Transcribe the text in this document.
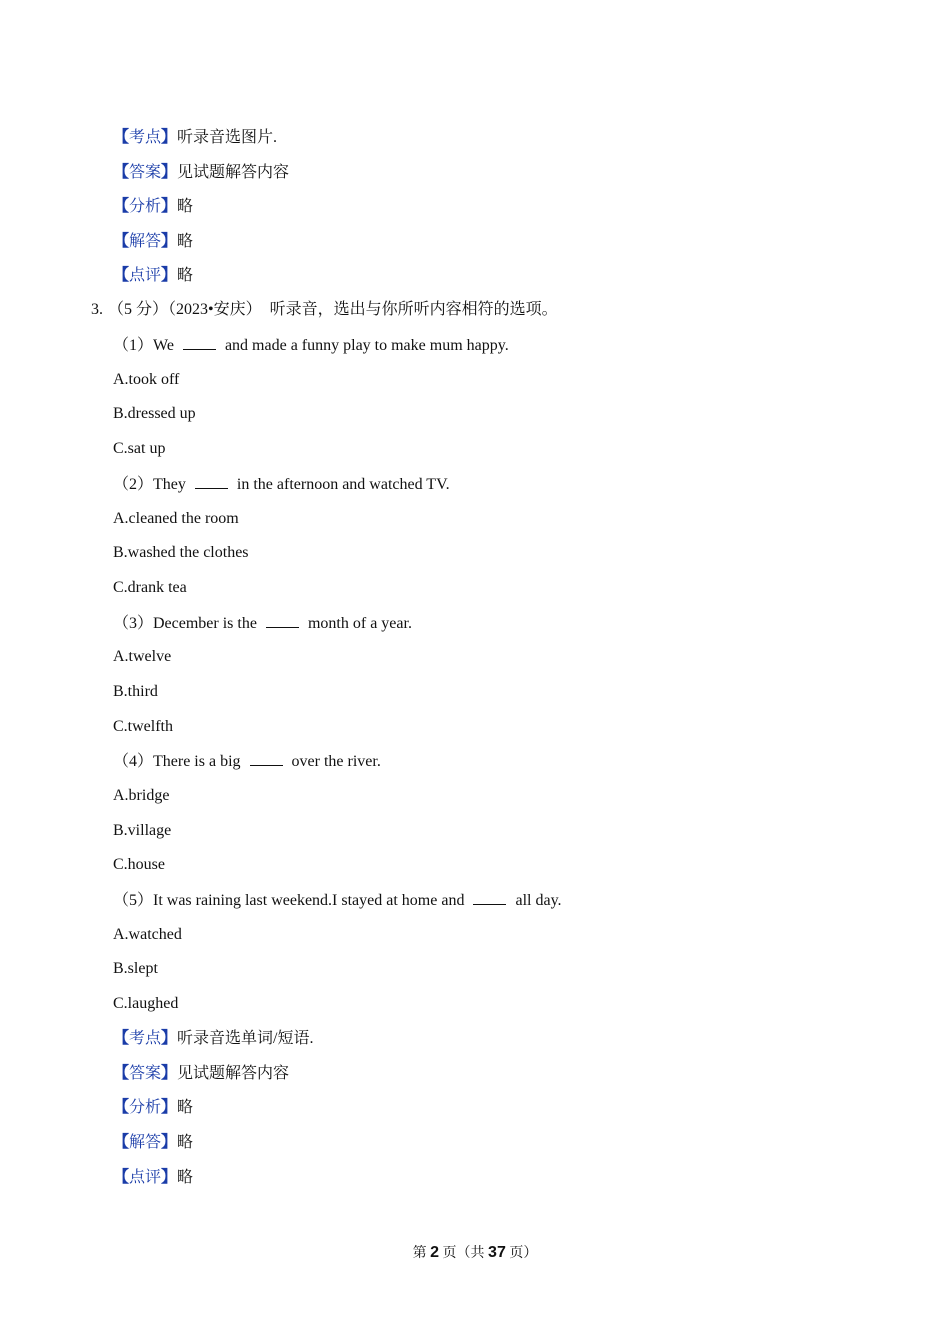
【考点】听录音选图片.
【答案】见试题解答内容
【分析】略
【解答】略
【点评】略
3. （5 分）（2023•安庆）  听录音，选出与你所听内容相符的选项。
（1）We	and made a funny play to make mum happy.
A.took off
B.dressed up
C.sat up
（2）They	in the afternoon and watched TV.
A.cleaned the room
B.washed the clothes
C.drank tea
（3）December is the	month of a year.
A.twelve
B.third
C.twelfth
（4）There is a big	over the river.
A.bridge
B.village
C.house
（5）It was raining last weekend.I stayed at home and	all day.
A.watched
B.slept
C.laughed
【考点】听录音选单词/短语.
【答案】见试题解答内容
【分析】略
【解答】略
【点评】略
第 2 页（共 37 页）
